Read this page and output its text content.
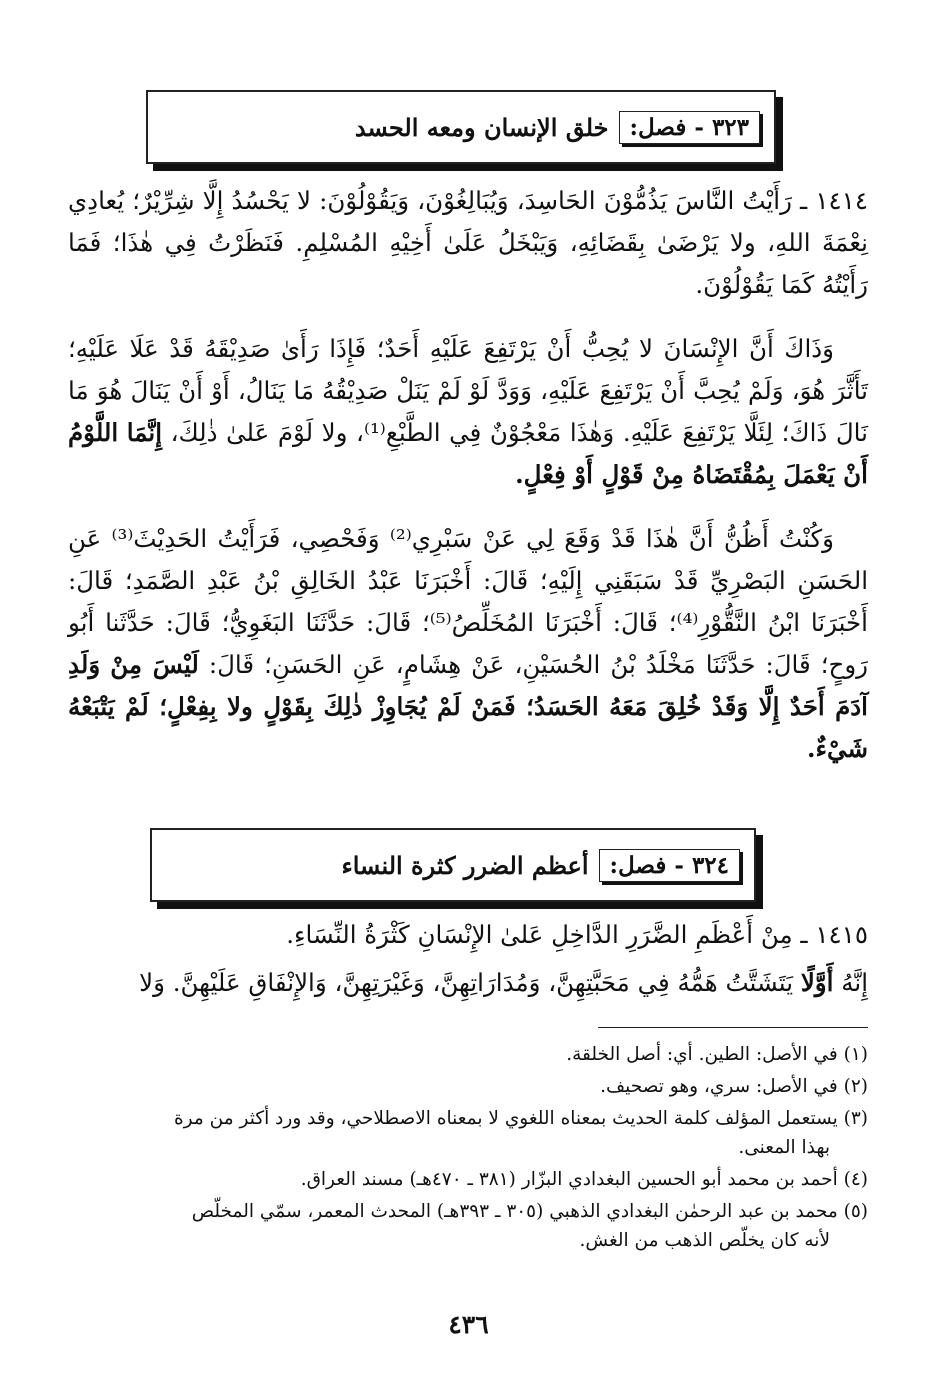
٣٢٣ - فصل:
خلق الإنسان ومعه الحسد

١٤١٤ ـ رَأَيْتُ النَّاسَ يَذُمُّوْنَ الحَاسِدَ، وَيُبَالِغُوْنَ، وَيَقُوْلُوْنَ: لا يَحْسُدُ إِلَّا شِرِّيْرٌ؛ يُعادِي نِعْمَةَ اللهِ، ولا يَرْضَىٰ بِقَضَائِهِ، وَيَبْخَلُ عَلَىٰ أَخِيْهِ المُسْلِمِ. فَنَظَرْتُ فِي هٰذَا؛ فَمَا رَأَيْتُهُ كَمَا يَقُوْلُوْنَ.

وَذَاكَ أَنَّ الإِنْسَانَ لا يُحِبُّ أَنْ يَرْتَفِعَ عَلَيْهِ أَحَدٌ؛ فَإِذَا رَأَىٰ صَدِيْقَهُ قَدْ عَلَا عَلَيْهِ؛ تَأَثَّرَ هُوَ، وَلَمْ يُحِبَّ أَنْ يَرْتَفِعَ عَلَيْهِ، وَوَدَّ لَوْ لَمْ يَنَلْ صَدِيْقُهُ مَا يَنَالُ، أَوْ أَنْ يَنَالَ هُوَ مَا نَالَ ذَاكَ؛ لِئَلَّا يَرْتَفِعَ عَلَيْهِ. وَهٰذَا مَعْجُوْنٌ فِي الطَّبْعِ⁽¹⁾، ولا لَوْمَ عَلىٰ ذٰلِكَ، إِنَّمَا اللَّوْمُ أَنْ يَعْمَلَ بِمُقْتَضَاهُ مِنْ قَوْلٍ أَوْ فِعْلٍ.

وَكُنْتُ أَظُنُّ أَنَّ هٰذَا قَدْ وَقَعَ لِي عَنْ سَبْرِي⁽²⁾ وَفَحْصِي، فَرَأَيْتُ الحَدِيْثَ⁽³⁾ عَنِ الحَسَنِ البَصْرِيِّ قَدْ سَبَقَنِي إِلَيْهِ؛ قَالَ: أَخْبَرَنَا عَبْدُ الخَالِقِ بْنُ عَبْدِ الصَّمَدِ؛ قَالَ: أَخْبَرَنَا ابْنُ النَّقُّوْرِ⁽⁴⁾؛ قَالَ: أَخْبَرَنَا المُخَلِّصُ⁽⁵⁾؛ قَالَ: حَدَّثَنَا البَغَوِيُّ؛ قَالَ: حَدَّثَنا أَبُو رَوحٍ؛ قَالَ: حَدَّثَنَا مَخْلَدُ بْنُ الحُسَيْنِ، عَنْ هِشَامٍ، عَنِ الحَسَنِ؛ قَالَ: لَيْسَ مِنْ وَلَدِ آدَمَ أَحَدٌ إِلَّا وَقَدْ خُلِقَ مَعَهُ الحَسَدُ؛ فَمَنْ لَمْ يُجَاوِزْ ذٰلِكَ بِقَوْلٍ ولا بِفِعْلٍ؛ لَمْ يَتْبَعْهُ شَيْءٌ.

٣٢٤ - فصل:
أعظم الضرر كثرة النساء

١٤١٥ ـ مِنْ أَعْظَمِ الضَّرَرِ الدَّاخِلِ عَلىٰ الإِنْسَانِ كَثْرَةُ النِّسَاءِ.

إِنَّهُ أَوَّلًا يَتَشَتَّتُ هَمُّهُ فِي مَحَبَّتِهِنَّ، وَمُدَارَاتِهِنَّ، وَغَيْرَتِهِنَّ، وَالإِنْفَاقِ عَلَيْهِنَّ. وَلا

(١) في الأصل: الطين. أي: أصل الخلقة.

(٢) في الأصل: سري، وهو تصحيف.

(٣) يستعمل المؤلف كلمة الحديث بمعناه اللغوي لا بمعناه الاصطلاحي، وقد ورد أكثر من مرة
بهذا المعنى.

(٤) أحمد بن محمد أبو الحسين البغدادي البزّار (٣٨١ ـ ٤٧٠هـ) مسند العراق.

(٥) محمد بن عبد الرحمٰن البغدادي الذهبي (٣٠٥ ـ ٣٩٣هـ) المحدث المعمر، سمّي المخلّص
لأنه كان يخلّص الذهب من الغش.

٤٣٦
